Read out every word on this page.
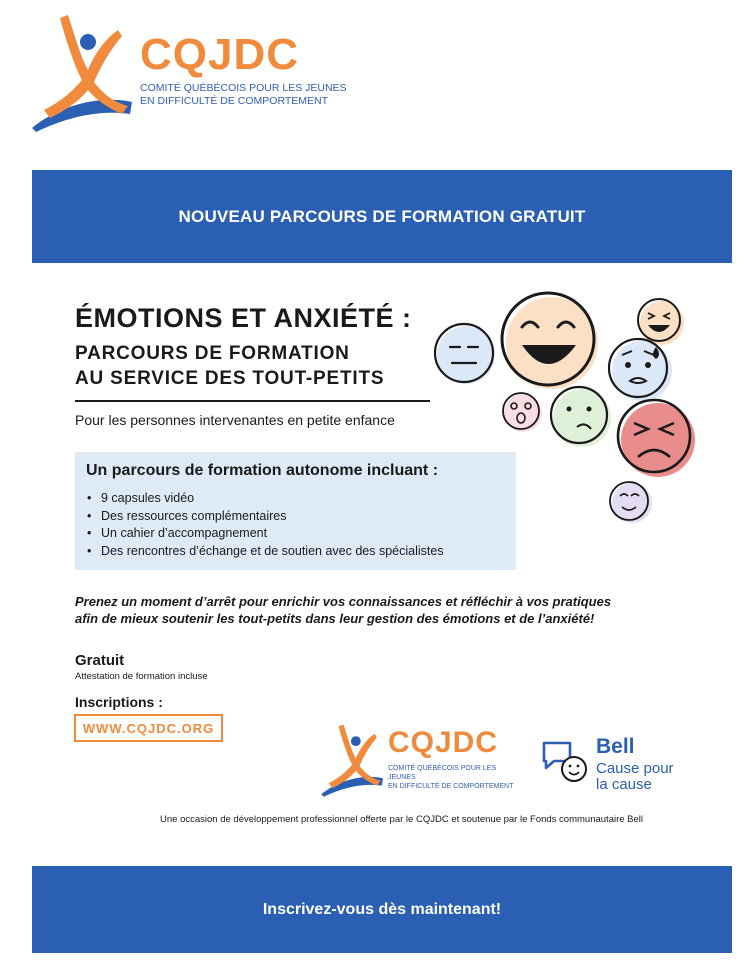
CQJDC
COMITÉ QUÉBÉCOIS POUR LES JEUNES
EN DIFFICULTÉ DE COMPORTEMENT
NOUVEAU PARCOURS DE FORMATION GRATUIT
ÉMOTIONS ET ANXIÉTÉ :
PARCOURS DE FORMATION
AU SERVICE DES TOUT-PETITS
Pour les personnes intervenantes en petite enfance
Un parcours de formation autonome incluant :
• 9 capsules vidéo
• Des ressources complémentaires
• Un cahier d’accompagnement
• Des rencontres d’échange et de soutien avec des spécialistes
Prenez un moment d’arrêt pour enrichir vos connaissances et réfléchir à vos pratiques
afin de mieux soutenir les tout-petits dans leur gestion des émotions et de l’anxiété!
Gratuit
Attestation de formation incluse
Inscriptions :
WWW.CQJDC.ORG	CQJDC
COMITÉ QUÉBÉCOIS POUR LES JEUNES
EN DIFFICULTÉ DE COMPORTEMENT
Bell
Cause pour
la cause
Une occasion de développement professionnel offerte par le CQJDC et soutenue par le Fonds communautaire Bell
Inscrivez-vous dès maintenant!
